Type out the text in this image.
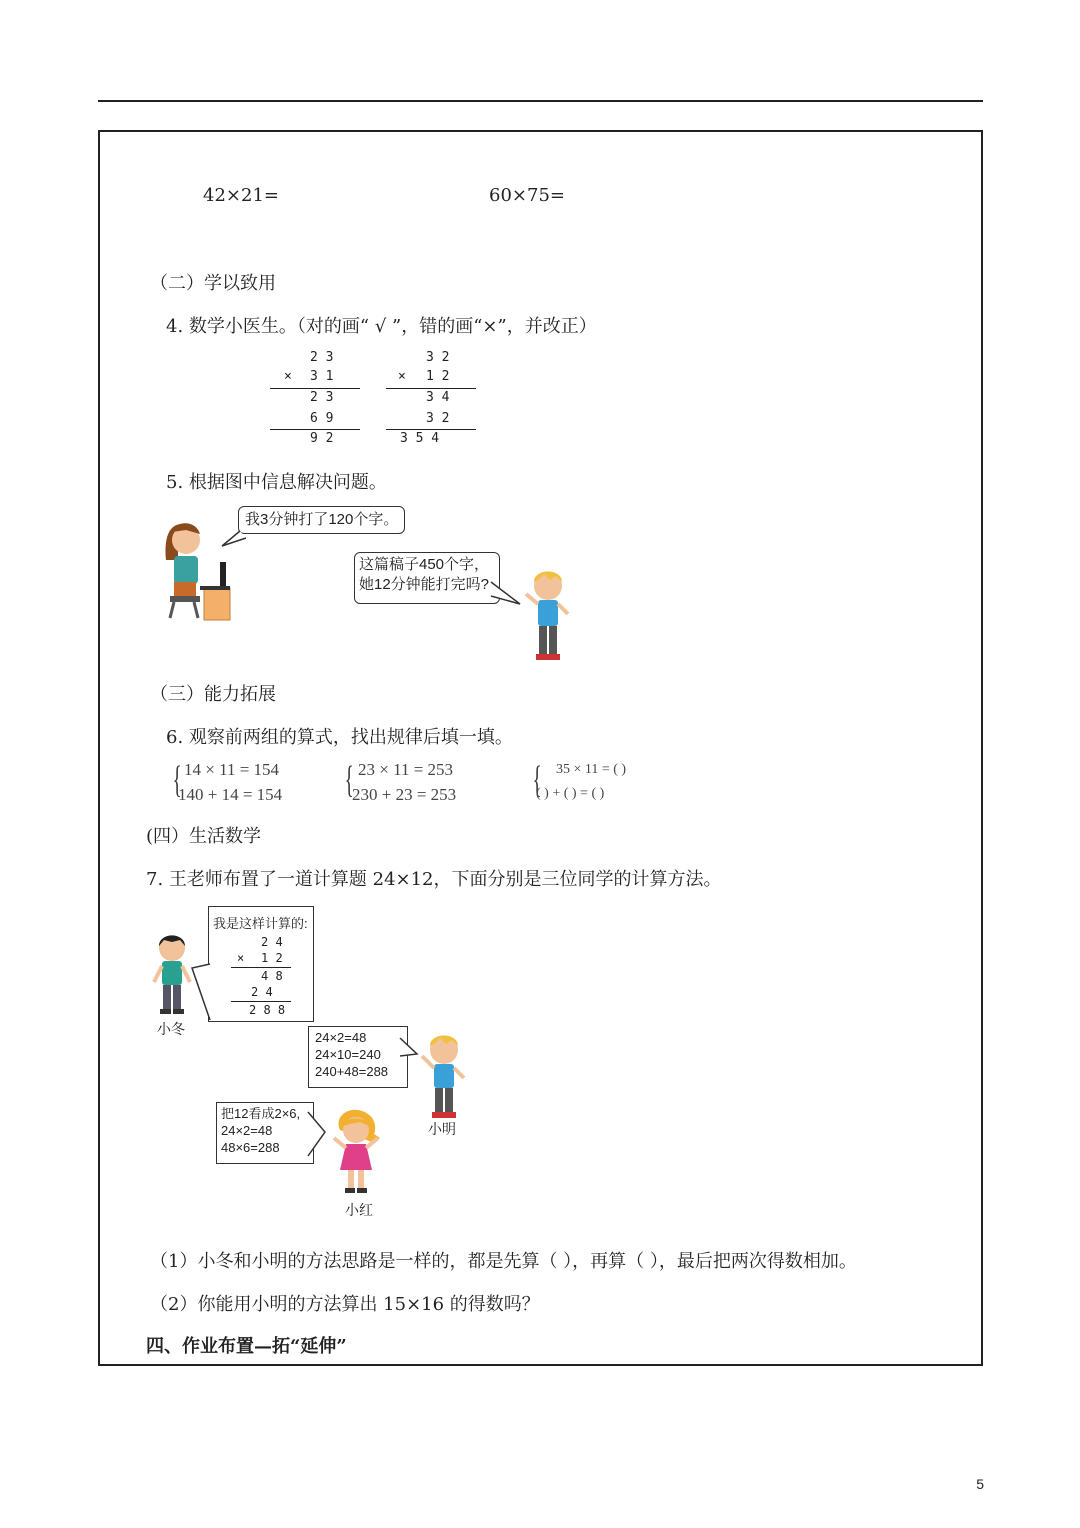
42×21=	60×75=
（二）学以致用
4. 数学小医生。（对的画“ √ ”，错的画“×”，并改正）
2 3
× 3 1
2 3
6 9
9 2
3 2
× 1 2
3 4
3 2
3 5 4
5. 根据图中信息解决问题。
我3分钟打了120个字。
这篇稿子450个字，她12分钟能打完吗?
（三）能力拓展
6. 观察前两组的算式，找出规律后填一填。
{ 14 × 11 = 154
140 + 14 = 154 { 23 × 11 = 253
230 + 23 = 253 { 35 × 11 = ( )
( ) + ( ) = ( )
(四）生活数学
7. 王老师布置了一道计算题 24×12，下面分别是三位同学的计算方法。
小冬
我是这样计算的:
2 4
× 1 2
4 8
2 4
2 8 8
24×2=48
24×10=240
240+48=288
小明
把12看成2×6,
24×2=48
48×6=288
小红
（1）小冬和小明的方法思路是一样的，都是先算（ ），再算（ ），最后把两次得数相加。
（2）你能用小明的方法算出 15×16 的得数吗？
四、作业布置—拓“延伸”
5
